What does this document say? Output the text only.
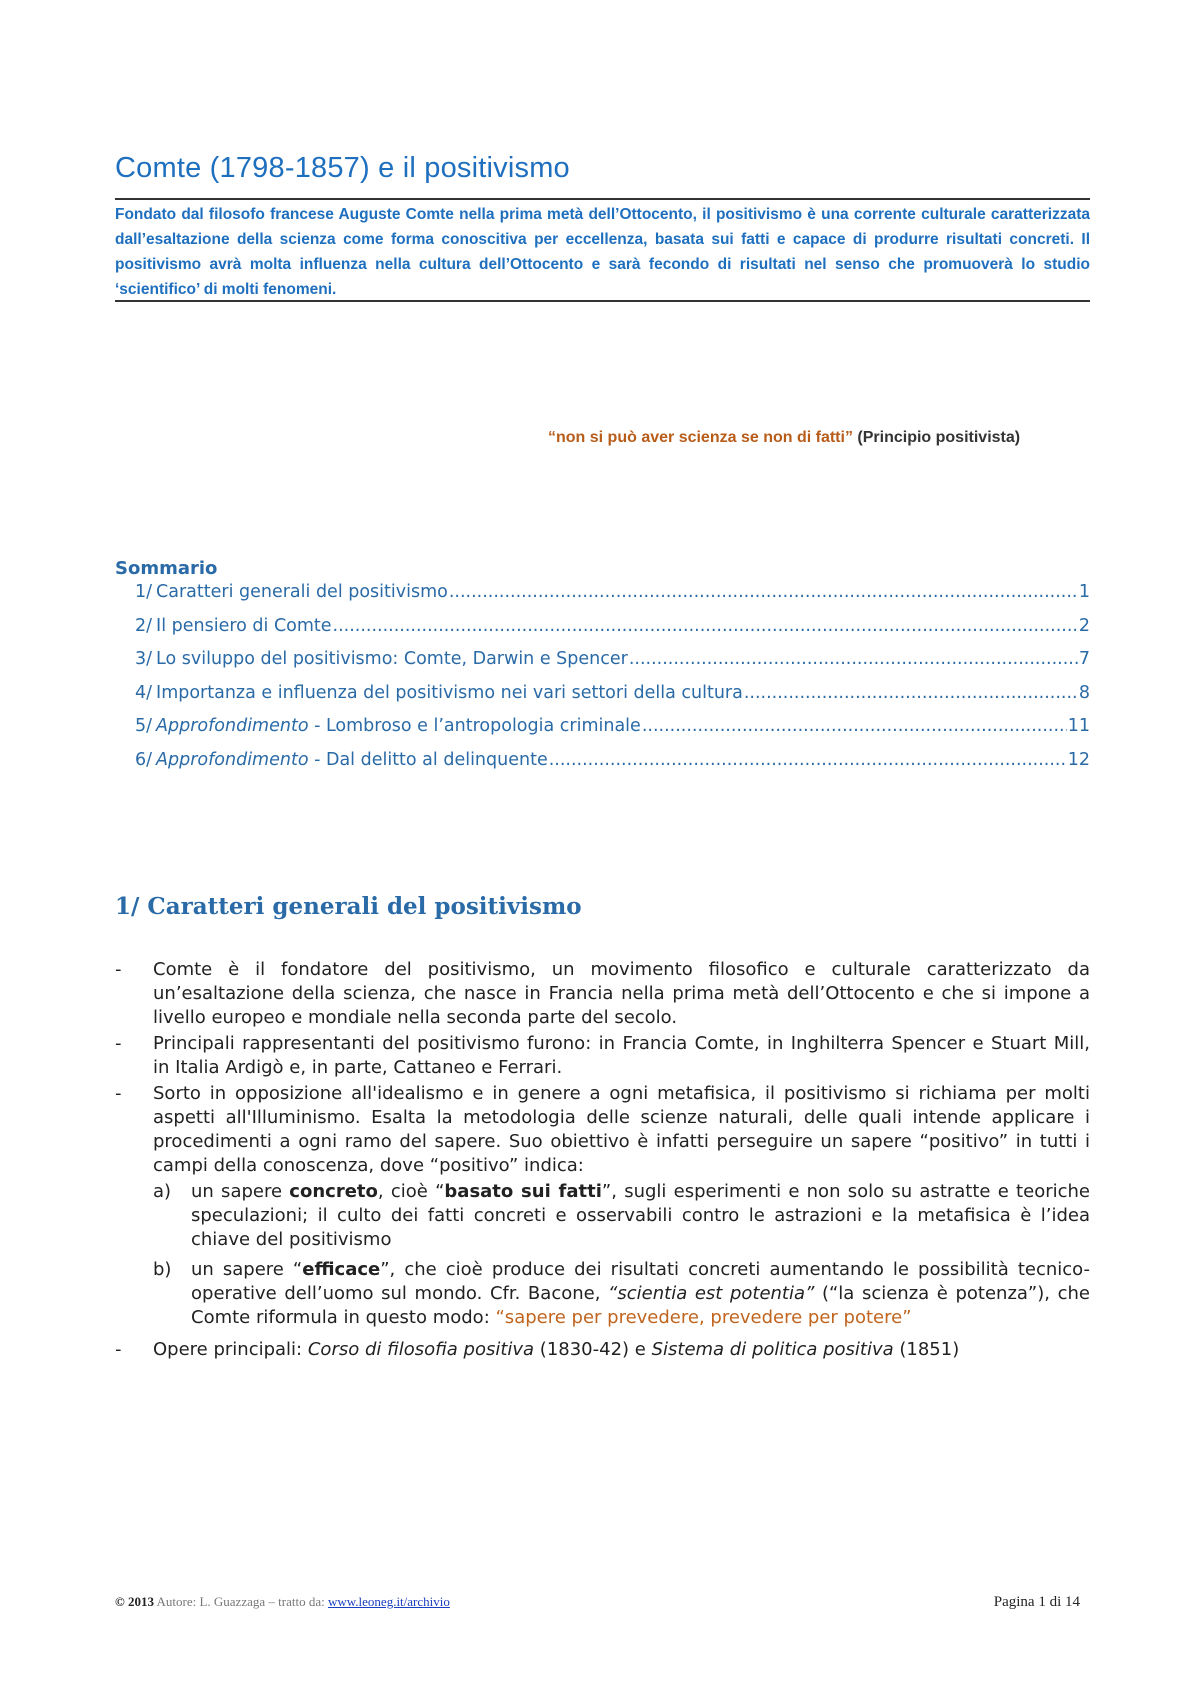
Comte (1798-1857) e il positivismo

Fondato dal filosofo francese Auguste Comte nella prima metà dell’Ottocento, il positivismo è una corrente culturale caratterizzata dall’esaltazione della scienza come forma conoscitiva per eccellenza, basata sui fatti e capace di produrre risultati concreti. Il positivismo avrà molta influenza nella cultura dell’Ottocento e sarà fecondo di risultati nel senso che promuoverà lo studio ‘scientifico’ di molti fenomeni.

“non si può aver scienza se non di fatti” (Principio positivista)

Sommario
1/ Caratteri generali del positivismo .....	1
2/ Il pensiero di Comte .....	2
3/ Lo sviluppo del positivismo: Comte, Darwin e Spencer .....	7
4/ Importanza e influenza del positivismo nei vari settori della cultura .....	8
5/ Approfondimento - Lombroso e l’antropologia criminale .....	11
6/ Approfondimento - Dal delitto al delinquente .....	12
1/ Caratteri generali del positivismo
-	Comte è il fondatore del positivismo, un movimento filosofico e culturale caratterizzato da un’esaltazione della scienza, che nasce in Francia nella prima metà dell’Ottocento e che si impone a livello europeo e mondiale nella seconda parte del secolo.
-	Principali rappresentanti del positivismo furono: in Francia Comte, in Inghilterra Spencer e Stuart Mill, in Italia Ardigò e, in parte, Cattaneo e Ferrari.
-	Sorto in opposizione all'idealismo e in genere a ogni metafisica, il positivismo si richiama per molti aspetti all'Illuminismo. Esalta la metodologia delle scienze naturali, delle quali intende applicare i procedimenti a ogni ramo del sapere. Suo obiettivo è infatti perseguire un sapere “positivo” in tutti i campi della conoscenza, dove “positivo” indica:
a)	un sapere concreto, cioè “basato sui fatti”, sugli esperimenti e non solo su astratte e teoriche speculazioni; il culto dei fatti concreti e osservabili contro le astrazioni e la metafisica è l’idea chiave del positivismo
b)	un sapere “efficace”, che cioè produce dei risultati concreti aumentando le possibilità tecnico-operative dell’uomo sul mondo. Cfr. Bacone, “scientia est potentia” (“la scienza è potenza”), che Comte riformula in questo modo: “sapere per prevedere, prevedere per potere”
-	Opere principali: Corso di filosofia positiva (1830-42) e Sistema di politica positiva (1851)
© 2013 Autore: L. Guazzaga – tratto da: www.leoneg.it/archivio	Pagina 1 di 14
